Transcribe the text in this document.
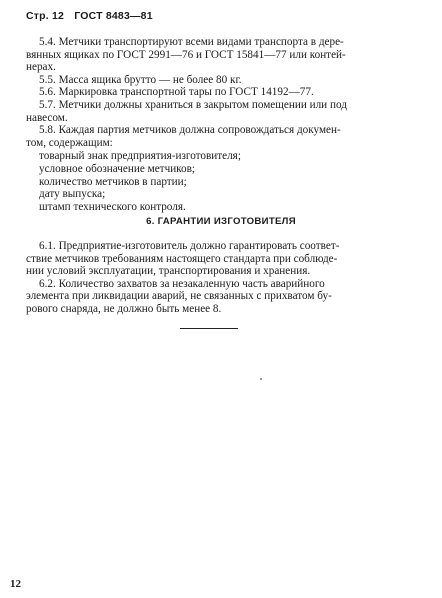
Стр. 12 ГОСТ 8483—81

5.4. Метчики транспортируют всеми видами транспорта в дере-
вянных ящиках по ГОСТ 2991—76 и ГОСТ 15841—77 или контей-
нерах.

5.5. Масса ящика брутто — не более 80 кг.

5.6. Маркировка транспортной тары по ГОСТ 14192—77.

5.7. Метчики должны храниться в закрытом помещении или под
навесом.

5.8. Каждая партия метчиков должна сопровождаться докумен-
том, содержащим:

товарный знак предприятия-изготовителя;
условное обозначение метчиков;
количество метчиков в партии;
дату выпуска;
штамп технического контроля.
6. ГАРАНТИИ ИЗГОТОВИТЕЛЯ

6.1. Предприятие-изготовитель должно гарантировать соответ-
ствие метчиков требованиям настоящего стандарта при соблюде-
нии условий эксплуатации, транспортирования и хранения.

6.2. Количество захватов за незакаленную часть аварийного
элемента при ликвидации аварий, не связанных с прихватом бу-
рового снаряда, не должно быть менее 8.

12
